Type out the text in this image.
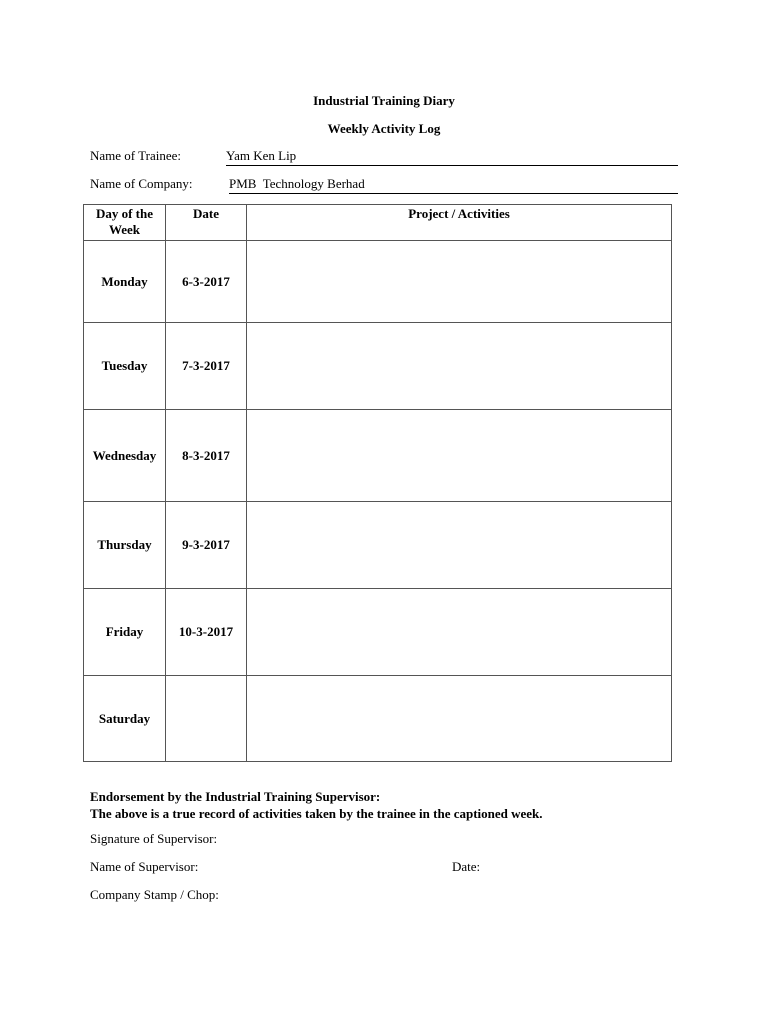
Industrial Training Diary
Weekly Activity Log
Name of Trainee:	Yam Ken Lip
Name of Company:	PMB  Technology Berhad
Day of the Week	Date	Project / Activities
Monday	6-3-2017	
Tuesday	7-3-2017	
Wednesday	8-3-2017	
Thursday	9-3-2017	
Friday	10-3-2017	
Saturday		
Endorsement by the Industrial Training Supervisor:
The above is a true record of activities taken by the trainee in the captioned week.
Signature of Supervisor:
Name of Supervisor:	Date:
Company Stamp / Chop:
